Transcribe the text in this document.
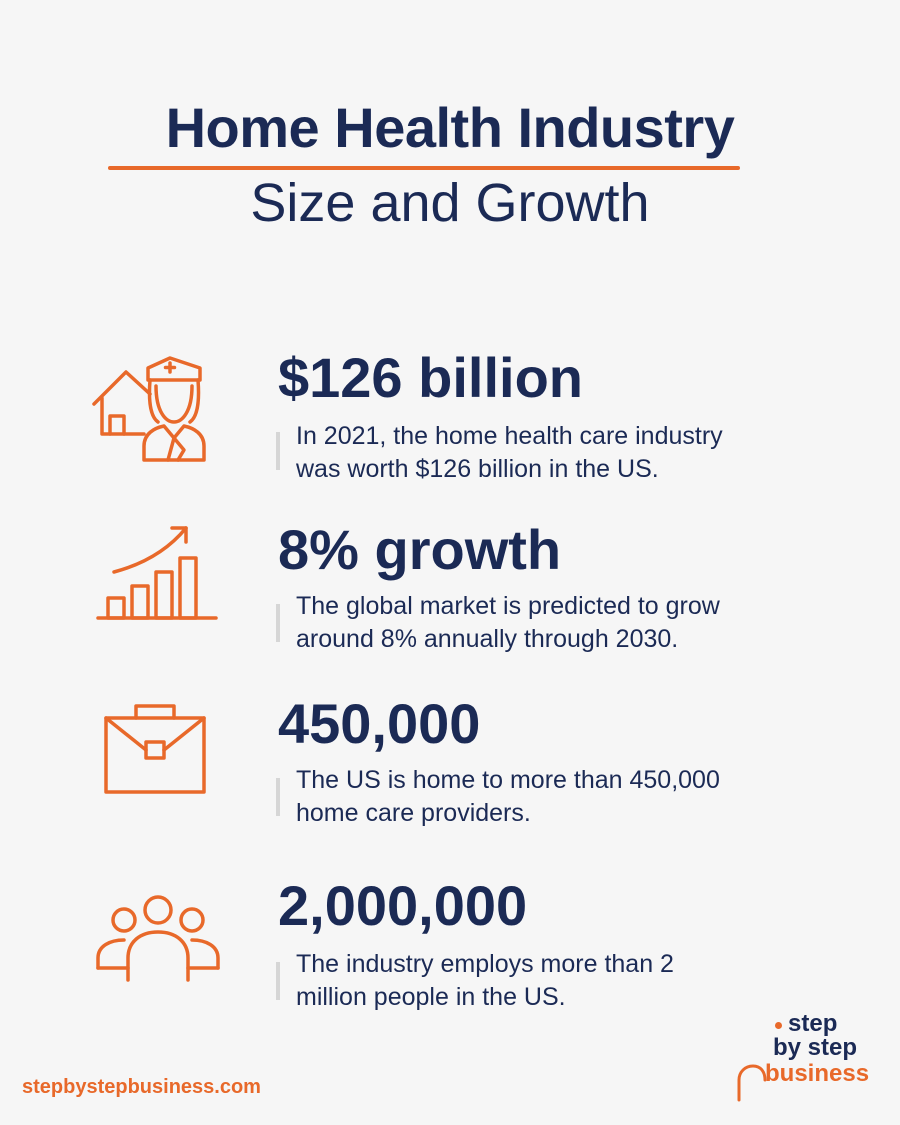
Home Health Industry
Size and Growth
$126 billion
In 2021, the home health care industry
was worth $126 billion in the US.
8% growth
The global market is predicted to grow
around 8% annually through 2030.
450,000
The US is home to more than 450,000
home care providers.
2,000,000
The industry employs more than 2
million people in the US.
stepbystepbusiness.com
step
by step
business
